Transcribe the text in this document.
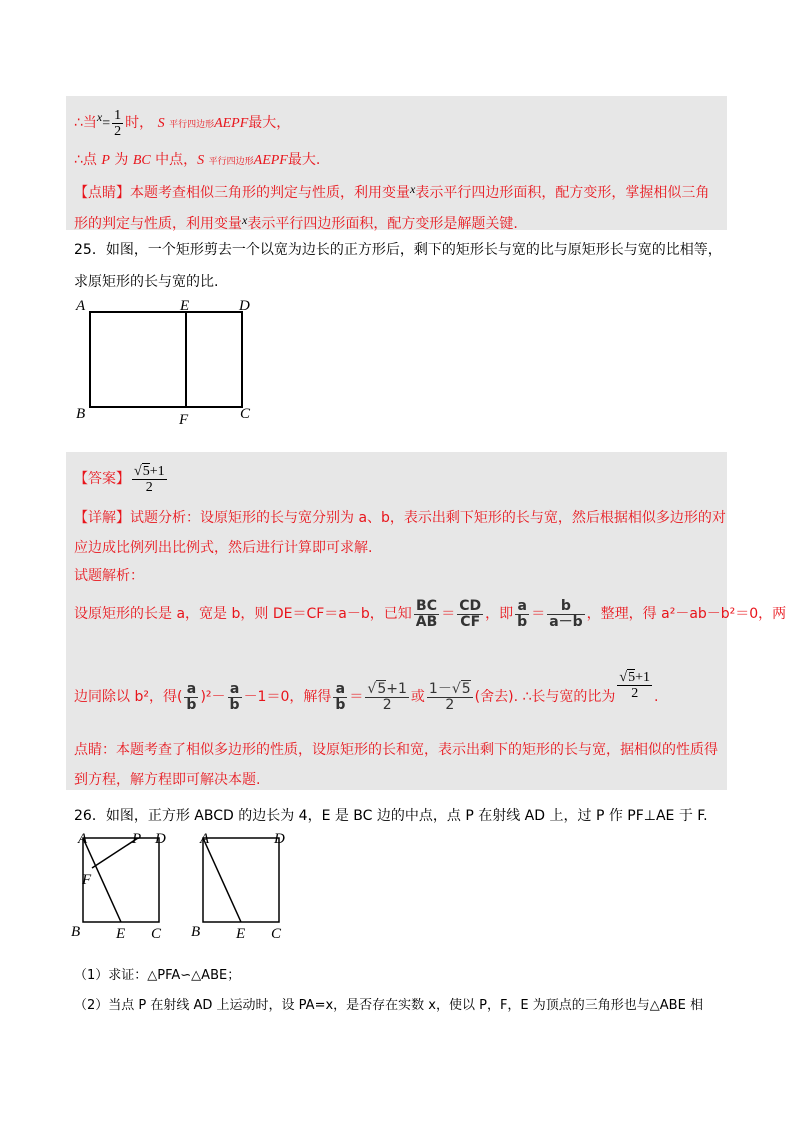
∴当$x= \frac{1}{2}$ 时， S 平行四边形AEPF最大，
∴点 P 为 BC 中点，S 平行四边形AEPF最大.
【点睛】本题考查相似三角形的判定与性质，利用变量x表示平行四边形面积，配方变形，掌握相似三角
形的判定与性质，利用变量x表示平行四边形面积，配方变形是解题关键.
25．如图，一个矩形剪去一个以宽为边长的正方形后，剩下的矩形长与宽的比与原矩形长与宽的比相等，
求原矩形的长与宽的比.
A	E	D
B	F	C
【答案】 $\frac{√5+1}{2}$
【详解】试题分析：设原矩形的长与宽分别为 a、b，表示出剩下矩形的长与宽，然后根据相似多边形的对
应边成比例列出比例式，然后进行计算即可求解.
试题解析：
设原矩形的长是 a，宽是 b，则 DE＝CF＝a－b，已知 $\frac{BC}{AB} = \frac{CD}{CF}$ ，即 $\frac{a}{b} = \frac{b}{a-b}$ ，整理，得 a²－ab－b²＝0，两
边同除以 b²，得( $\frac{a}{b} )^2- \frac{a}{b} -1=0$，解得 $\frac{a}{b} = \frac{√5+1}{2}$ 或 $\frac{1-√5}{2}$ (舍去). ∴长与宽的比为 $\frac{√5+1}{2}$ .
点睛：本题考查了相似多边形的性质，设原矩形的长和宽，表示出剩下的矩形的长与宽，据相似的性质得
到方程，解方程即可解决本题.
26．如图，正方形 ABCD 的边长为 4，E 是 BC 边的中点，点 P 在射线 AD 上，过 P 作 PF⊥AE 于 F.
A	P D
F
B E C
A	D
B E C
（1）求证：△PFA∽△ABE；
（2）当点 P 在射线 AD 上运动时，设 PA=x，是否存在实数 x，使以 P，F，E 为顶点的三角形也与△ABE 相
